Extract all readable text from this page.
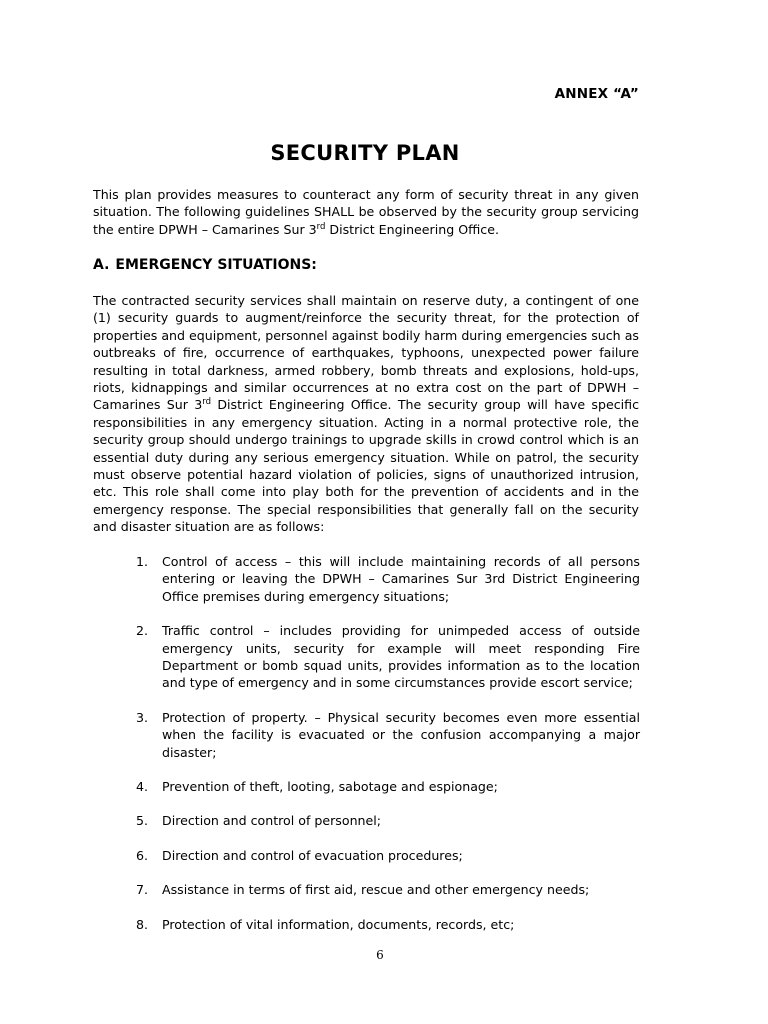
ANNEX “A”
SECURITY PLAN

This plan provides measures to counteract any form of security threat in any given situation. The following guidelines SHALL be observed by the security group servicing the entire DPWH – Camarines Sur 3rd District Engineering Office.

A. EMERGENCY SITUATIONS:

The contracted security services shall maintain on reserve duty, a contingent of one (1) security guards to augment/reinforce the security threat, for the protection of properties and equipment, personnel against bodily harm during emergencies such as outbreaks of fire, occurrence of earthquakes, typhoons, unexpected power failure resulting in total darkness, armed robbery, bomb threats and explosions, hold-ups, riots, kidnappings and similar occurrences at no extra cost on the part of DPWH – Camarines Sur 3rd District Engineering Office. The security group will have specific responsibilities in any emergency situation. Acting in a normal protective role, the security group should undergo trainings to upgrade skills in crowd control which is an essential duty during any serious emergency situation. While on patrol, the security must observe potential hazard violation of policies, signs of unauthorized intrusion, etc. This role shall come into play both for the prevention of accidents and in the emergency response. The special responsibilities that generally fall on the security and disaster situation are as follows:

1. Control of access – this will include maintaining records of all persons entering or leaving the DPWH – Camarines Sur 3rd District Engineering Office premises during emergency situations;
2. Traffic control – includes providing for unimpeded access of outside emergency units, security for example will meet responding Fire Department or bomb squad units, provides information as to the location and type of emergency and in some circumstances provide escort service;
3. Protection of property. – Physical security becomes even more essential when the facility is evacuated or the confusion accompanying a major disaster;
4. Prevention of theft, looting, sabotage and espionage;
5. Direction and control of personnel;
6. Direction and control of evacuation procedures;
7. Assistance in terms of first aid, rescue and other emergency needs;
8. Protection of vital information, documents, records, etc;
6
